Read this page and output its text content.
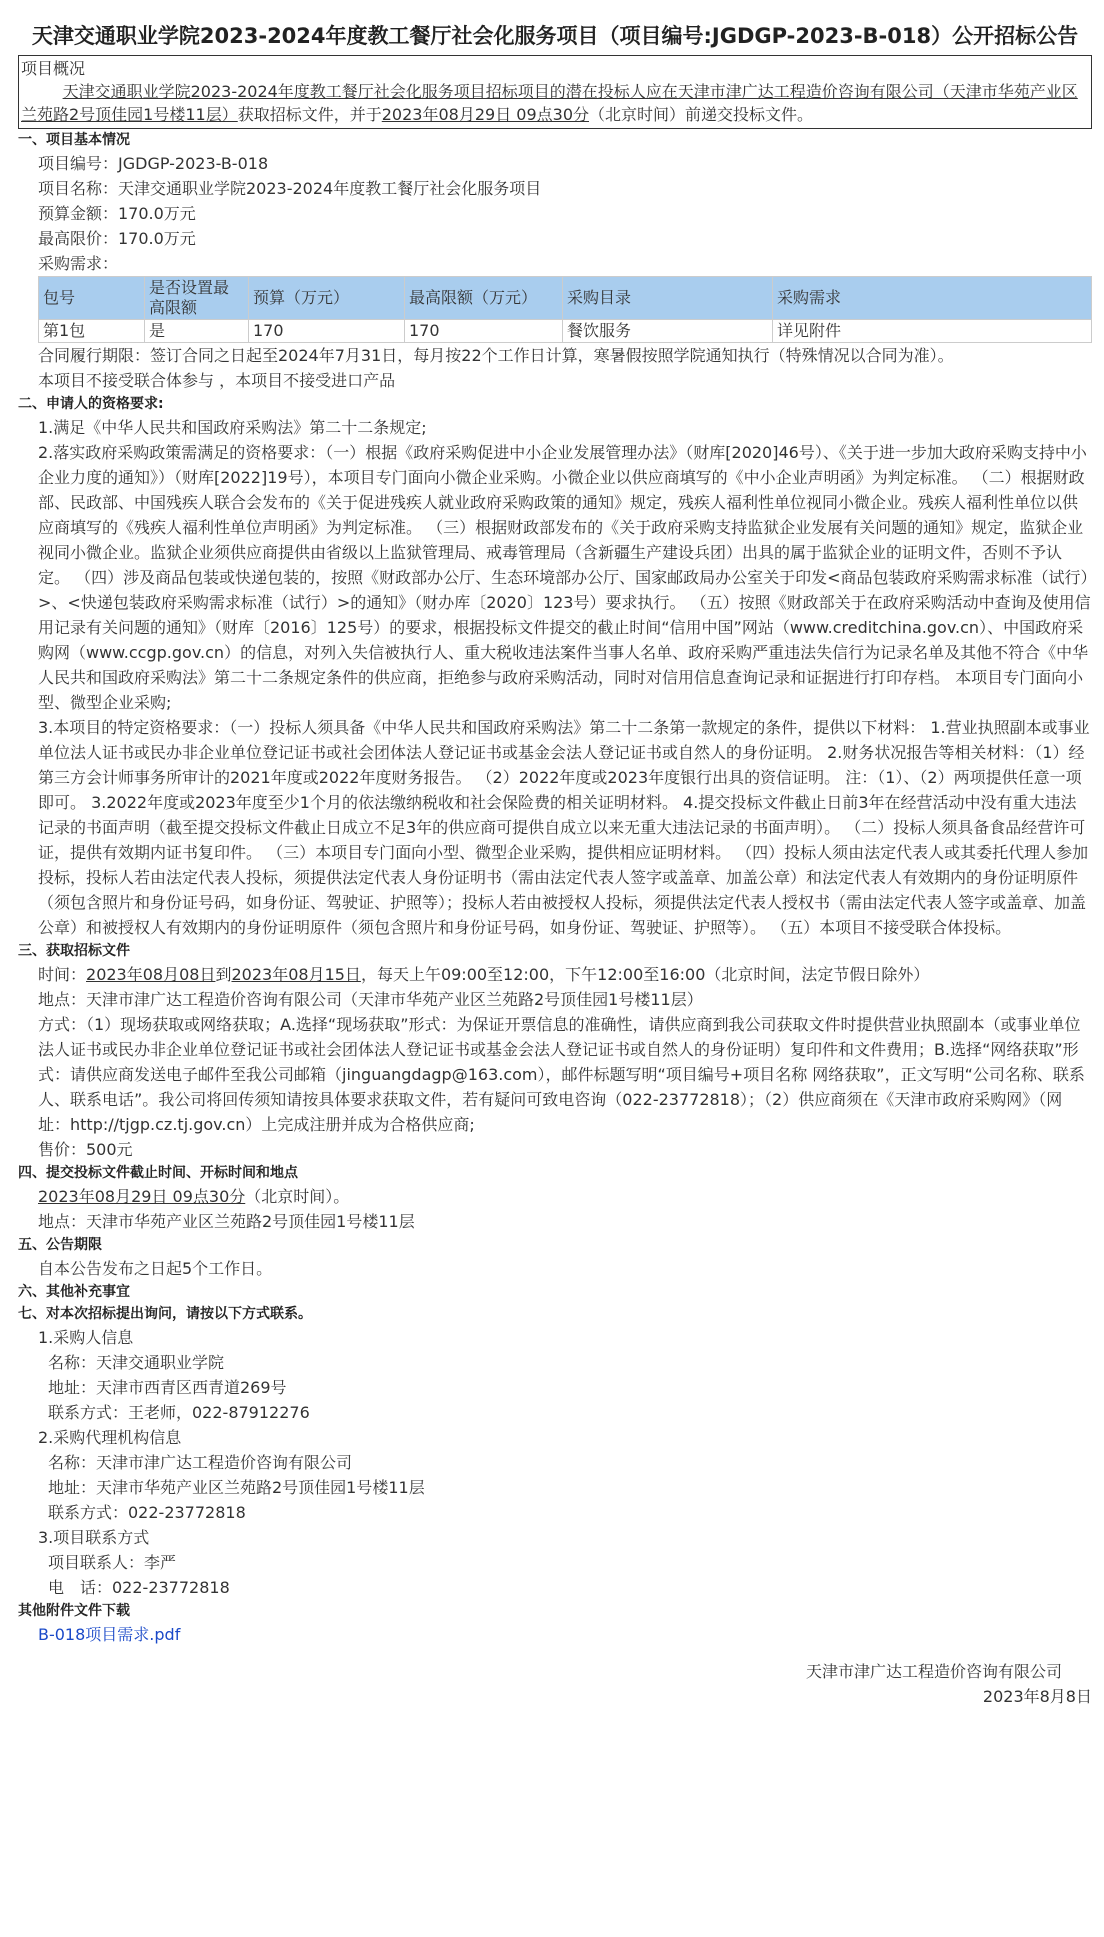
天津交通职业学院2023-2024年度教工餐厅社会化服务项目（项目编号:JGDGP-2023-B-018）公开招标公告
项目概况
天津交通职业学院2023-2024年度教工餐厅社会化服务项目招标项目的潜在投标人应在天津市津广达工程造价咨询有限公司（天津市华苑产业区兰苑路2号顶佳园1号楼11层）获取招标文件，并于2023年08月29日 09点30分（北京时间）前递交投标文件。
一、项目基本情况
项目编号：JGDGP-2023-B-018
项目名称：天津交通职业学院2023-2024年度教工餐厅社会化服务项目
预算金额：170.0万元
最高限价：170.0万元
采购需求：
包号	是否设置最高限额	预算（万元）	最高限额（万元）	采购目录	采购需求
第1包	是	170	170	餐饮服务	详见附件
合同履行期限：签订合同之日起至2024年7月31日，每月按22个工作日计算，寒暑假按照学院通知执行（特殊情况以合同为准）。
本项目不接受联合体参与 ，本项目不接受进口产品
二、申请人的资格要求:
1.满足《中华人民共和国政府采购法》第二十二条规定;
2.落实政府采购政策需满足的资格要求：（一）根据《政府采购促进中小企业发展管理办法》（财库[2020]46号）、《关于进一步加大政府采购支持中小企业力度的通知》）（财库[2022]19号），本项目专门面向小微企业采购。小微企业以供应商填写的《中小企业声明函》为判定标准。 （二）根据财政部、民政部、中国残疾人联合会发布的《关于促进残疾人就业政府采购政策的通知》规定，残疾人福利性单位视同小微企业。残疾人福利性单位以供应商填写的《残疾人福利性单位声明函》为判定标准。 （三）根据财政部发布的《关于政府采购支持监狱企业发展有关问题的通知》规定，监狱企业视同小微企业。监狱企业须供应商提供由省级以上监狱管理局、戒毒管理局（含新疆生产建设兵团）出具的属于监狱企业的证明文件，否则不予认定。 （四）涉及商品包装或快递包装的，按照《财政部办公厅、生态环境部办公厅、国家邮政局办公室关于印发<商品包装政府采购需求标准（试行）>、<快递包装政府采购需求标准（试行）>的通知》（财办库〔2020〕123号）要求执行。 （五）按照《财政部关于在政府采购活动中查询及使用信用记录有关问题的通知》（财库〔2016〕125号）的要求，根据投标文件提交的截止时间“信用中国”网站（www.creditchina.gov.cn）、中国政府采购网（www.ccgp.gov.cn）的信息，对列入失信被执行人、重大税收违法案件当事人名单、政府采购严重违法失信行为记录名单及其他不符合《中华人民共和国政府采购法》第二十二条规定条件的供应商，拒绝参与政府采购活动，同时对信用信息查询记录和证据进行打印存档。 本项目专门面向小型、微型企业采购;
3.本项目的特定资格要求：（一）投标人须具备《中华人民共和国政府采购法》第二十二条第一款规定的条件，提供以下材料： 1.营业执照副本或事业单位法人证书或民办非企业单位登记证书或社会团体法人登记证书或基金会法人登记证书或自然人的身份证明。 2.财务状况报告等相关材料：（1）经第三方会计师事务所审计的2021年度或2022年度财务报告。 （2）2022年度或2023年度银行出具的资信证明。 注：（1）、（2）两项提供任意一项即可。 3.2022年度或2023年度至少1个月的依法缴纳税收和社会保险费的相关证明材料。 4.提交投标文件截止日前3年在经营活动中没有重大违法记录的书面声明（截至提交投标文件截止日成立不足3年的供应商可提供自成立以来无重大违法记录的书面声明）。 （二）投标人须具备食品经营许可证，提供有效期内证书复印件。 （三）本项目专门面向小型、微型企业采购，提供相应证明材料。 （四）投标人须由法定代表人或其委托代理人参加投标，投标人若由法定代表人投标，须提供法定代表人身份证明书（需由法定代表人签字或盖章、加盖公章）和法定代表人有效期内的身份证明原件（须包含照片和身份证号码，如身份证、驾驶证、护照等）；投标人若由被授权人投标，须提供法定代表人授权书（需由法定代表人签字或盖章、加盖公章）和被授权人有效期内的身份证明原件（须包含照片和身份证号码，如身份证、驾驶证、护照等）。 （五）本项目不接受联合体投标。
三、获取招标文件
时间：2023年08月08日到2023年08月15日，每天上午09:00至12:00，下午12:00至16:00（北京时间，法定节假日除外）
地点：天津市津广达工程造价咨询有限公司（天津市华苑产业区兰苑路2号顶佳园1号楼11层）
方式：（1）现场获取或网络获取；A.选择“现场获取”形式：为保证开票信息的准确性，请供应商到我公司获取文件时提供营业执照副本（或事业单位法人证书或民办非企业单位登记证书或社会团体法人登记证书或基金会法人登记证书或自然人的身份证明）复印件和文件费用；B.选择“网络获取”形式：请供应商发送电子邮件至我公司邮箱（jinguangdagp@163.com），邮件标题写明“项目编号+项目名称 网络获取”，正文写明“公司名称、联系人、联系电话”。我公司将回传须知请按具体要求获取文件，若有疑问可致电咨询（022-23772818）；（2）供应商须在《天津市政府采购网》（网址：http://tjgp.cz.tj.gov.cn）上完成注册并成为合格供应商;
售价：500元
四、提交投标文件截止时间、开标时间和地点
2023年08月29日 09点30分（北京时间）。
地点：天津市华苑产业区兰苑路2号顶佳园1号楼11层
五、公告期限
自本公告发布之日起5个工作日。
六、其他补充事宜
七、对本次招标提出询问，请按以下方式联系。
1.采购人信息
名称：天津交通职业学院
地址：天津市西青区西青道269号
联系方式：王老师，022-87912276
2.采购代理机构信息
名称：天津市津广达工程造价咨询有限公司
地址：天津市华苑产业区兰苑路2号顶佳园1号楼11层
联系方式：022-23772818
3.项目联系方式
项目联系人：李严
电　话：022-23772818
其他附件文件下载
B-018项目需求.pdf
天津市津广达工程造价咨询有限公司
2023年8月8日
